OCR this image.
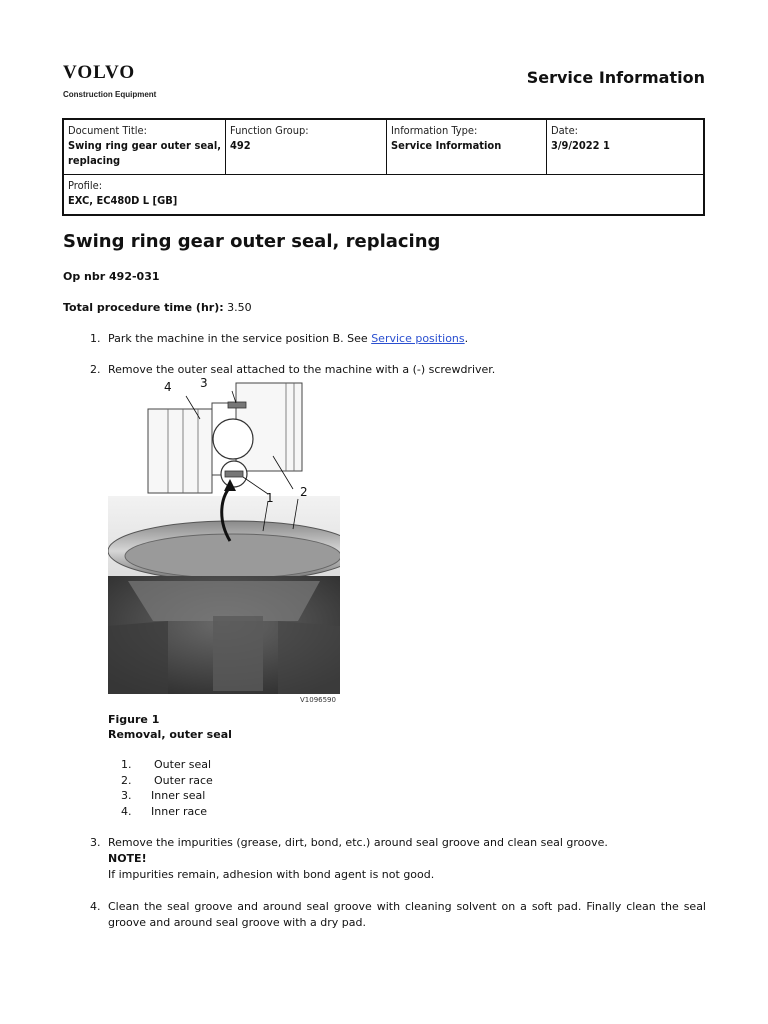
VOLVO
Construction Equipment
Service Information
Document Title:
Swing ring gear outer seal, replacing

Function Group:
492

Information Type:
Service Information

Date:
3/9/2022 1

Profile:
EXC, EC480D L [GB]
Swing ring gear outer seal, replacing
Op nbr 492-031
Total procedure time (hr): 3.50
1. Park the machine in the service position B. See Service positions.
2. Remove the outer seal attached to the machine with a (-) screwdriver.
1 2
3
4
V1096590
Figure 1
Removal, outer seal
1. Outer seal
2. Outer race
3. Inner seal
4. Inner race
3. Remove the impurities (grease, dirt, bond, etc.) around seal groove and clean seal groove.
NOTE!
If impurities remain, adhesion with bond agent is not good.
4. Clean the seal groove and around seal groove with cleaning solvent on a soft pad. Finally clean the seal groove and around seal groove with a dry pad.
